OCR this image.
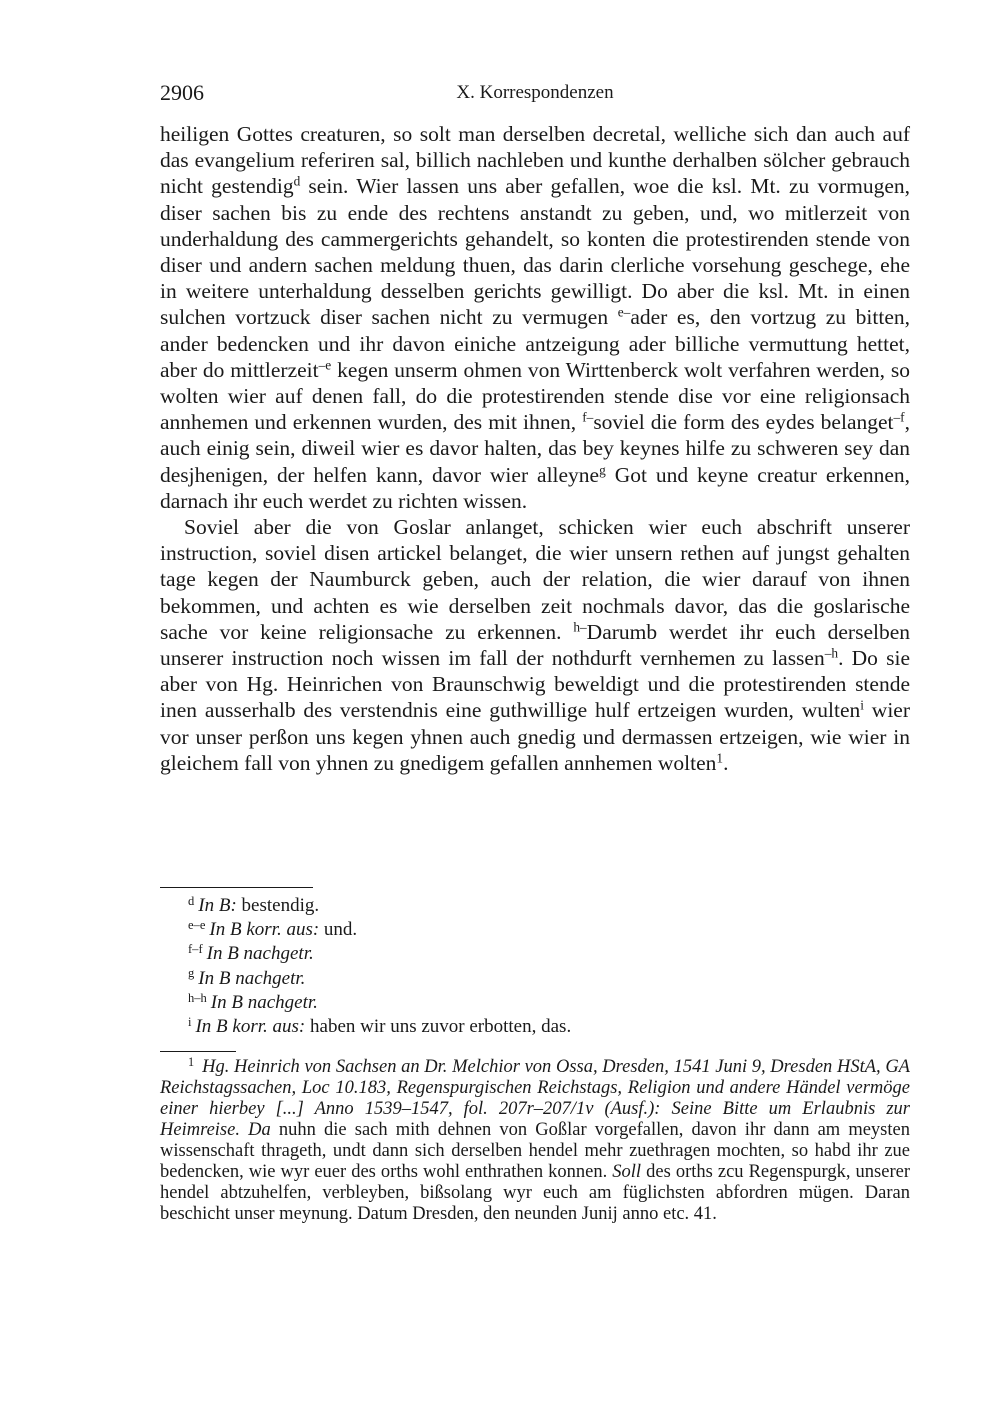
2906	X. Korrespondenzen

heiligen Gottes creaturen, so solt man derselben decretal, welliche sich dan auch auf das evangelium referiren sal, billich nachleben und kunthe derhalben sölcher gebrauch nicht gestendig$^d$ sein. Wier lassen uns aber gefallen, woe die ksl. Mt. zu vormugen, diser sachen bis zu ende des rechtens anstandt zu geben, und, wo mitlerzeit von underhaldung des cammergerichts gehandelt, so konten die protestirenden stende von diser und andern sachen meldung thuen, das darin clerliche vorsehung geschege, ehe in weitere unterhaldung desselben gerichts gewilligt. Do aber die ksl. Mt. in einen sulchen vortzuck diser sachen nicht zu vermugen $^{e-}$ader es, den vortzug zu bitten, ander bedencken und ihr davon einiche antzeigung ader billiche vermuttung hettet, aber do mittlerzeit$^{-e}$ kegen unserm ohmen von Wirttenberck wolt verfahren werden, so wolten wier auf denen fall, do die protestirenden stende dise vor eine religionsach annhemen und erkennen wurden, des mit ihnen, $^{f-}$soviel die form des eydes belanget$^{-f}$, auch einig sein, diweil wier es davor halten, das bey keynes hilfe zu schweren sey dan desjhenigen, der helfen kann, davor wier alleyne$^g$ Got und keyne creatur erkennen, darnach ihr euch werdet zu richten wissen.

Soviel aber die von Goslar anlanget, schicken wier euch abschrift unserer instruction, soviel disen artickel belanget, die wier unsern rethen auf jungst gehalten tage kegen der Naumburck geben, auch der relation, die wier darauf von ihnen bekommen, und achten es wie derselben zeit nochmals davor, das die goslarische sache vor keine religionsache zu erkennen. $^{h-}$Darumb werdet ihr euch derselben unserer instruction noch wissen im fall der nothdurft vernhemen zu lassen$^{-h}$. Do sie aber von Hg. Heinrichen von Braunschwig beweldigt und die protestirenden stende inen ausserhalb des verstendnis eine guthwillige hulf ertzeigen wurden, wulten$^i$ wier vor unser perßon uns kegen yhnen auch gnedig und dermassen ertzeigen, wie wier in gleichem fall von yhnen zu gnedigem gefallen annhemen wolten$^1$.

$^d$ In B: bestendig.

$^{e-e}$ In B korr. aus: und.

$^{f-f}$ In B nachgetr.

$^g$ In B nachgetr.

$^{h-h}$ In B nachgetr.

$^i$ In B korr. aus: haben wir uns zuvor erbotten, das.

$^1$ Hg. Heinrich von Sachsen an Dr. Melchior von Ossa, Dresden, 1541 Juni 9, Dresden HStA, GA Reichstagssachen, Loc 10.183, Regenspurgischen Reichstags, Religion und andere Händel vermöge einer hierbey [...] Anno 1539–1547, fol. 207r–207/1v (Ausf.): Seine Bitte um Erlaubnis zur Heimreise. Da nuhn die sach mith dehnen von Goßlar vorgefallen, davon ihr dann am meysten wissenschaft thrageth, undt dann sich derselben hendel mehr zuethragen mochten, so habd ihr zue bedencken, wie wyr euer des orths wohl enthrathen konnen. Soll des orths zcu Regenspurgk, unserer hendel abtzuhelfen, verbleyben, bißsolang wyr euch am füglichsten abfordren mügen. Daran beschicht unser meynung. Datum Dresden, den neunden Junij anno etc. 41.
